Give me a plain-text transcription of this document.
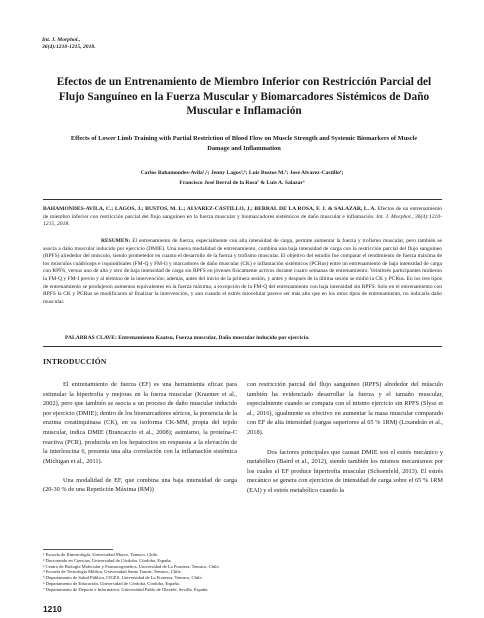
Int. J. Morphol.,
36(4):1210-1215, 2018.
Efectos de un Entrenamiento de Miembro Inferior con Restricción Parcial del Flujo Sanguíneo en la Fuerza Muscular y Biomarcadores Sistémicos de Daño Muscular e Inflamación
Effects of Lower Limb Training with Partial Restriction of Blood Flow on Muscle Strength and Systemic Biomarkers of Muscle Damage and Inflammation
Carlos Bahamondes-Avila¹,²; Jenny Lagos³,⁴; Luis Bustos M.⁵; José Alvarez-Castillo⁶;
Francisco José Berral de la Rosa⁷ & Luis A. Salazar³
BAHAMONDES-AVILA, C.; LAGOS, J.; BUSTOS, M. L.; ALVAREZ-CASTILLO, J.; BERRAL DE LA ROSA, F. J. & SALAZAR, L. A. Efectos de un entrenamiento de miembro inferior con restricción parcial del flujo sanguíneo en la fuerza muscular y biomarcadores sistémicos de daño muscular e inflamación. Int. J. Morphol., 36(4):1210-1215, 2018.
RESUMEN: El entrenamiento de fuerza, especialmente con alta intensidad de carga, permite aumentar la fuerza y trofismo muscular, pero también se asocia a daño muscular inducido por ejercicio (DMIE). Una nueva modalidad de entrenamiento, combina una baja intensidad de carga con la restricción parcial del flujo sanguíneo (RPFS) alrededor del músculo, siendo prometedor en cuanto el desarrollo de la fuerza y trofismo muscular. El objetivo del estudio fue comparar el rendimiento de fuerza máxima de los músculos cuádriceps e isquiotibiales (FM-Q y FM-I) y marcadores de daño muscular (CK) e inflamación sistémicos (PCRus) entre un entrenamiento de baja intensidad de carga con RPFS, versus uno de alta y otro de baja intensidad de carga sin RPFS en jóvenes físicamente activos durante cuatro semanas de entrenamiento. Veintitrés participantes midieron la FM-Q y FM-I previo y al término de la intervención; además, antes del inicio de la primera sesión, y antes y después de la última sesión se midió la CK y PCRus. En los tres tipos de entrenamiento se produjeron aumentos equivalentes en la fuerza máxima, a excepción de la FM-Q del entrenamiento con baja intensidad sin RPFS. Solo en el entrenamiento con RPFS la CK y PCRus se modificaron al finalizar la intervención, y aun cuando el estrés miocelular parece ser más alto que en los otros tipos de entrenamiento, no indicaría daño muscular.
PALABRAS CLAVE: Entrenamiento Kaatsu, Fuerza muscular, Daño muscular inducido por ejercicio.
INTRODUCCIÓN

El entrenamiento de fuerza (EF) es una herramienta eficaz para estimular la hipertrofia y mejoras en la fuerza muscular (Kraemer et al., 2002), pero que también se asocia a un proceso de daño muscular inducido por ejercicio (DMIE); dentro de los biomarcadores séricos, la presencia de la enzima creatinquinasa (CK), en su isoforma CK-MM, propia del tejido muscular, indica DMIE (Brancaccio et al., 2008); asimismo, la proteína-C reactiva (PCR), producida en los hepatocitos en respuesta a la elevación de la interleucina 6, presenta una alta correlación con la inflamación sistémica (Michigan et al., 2011).

Una modalidad de EF, que combina una baja intensidad de carga (20-30 % de una Repetición Máxima (RM))

con restricción parcial del flujo sanguíneo (RPFS) alrededor del músculo también ha evidenciado desarrollar la fuerza y el tamaño muscular, especialmente cuando se compara con el mismo ejercicio sin RPFS (Slysz et al., 2016), igualmente es efectivo en aumentar la masa muscular comparado con EF de alta intensidad (cargas superiores al 65 % 1RM) (Lixandrão et al., 2018).

Dos factores principales que causan DMIE son el estrés mecánico y metabólico (Baird et al., 2012), siendo también los mismos mecanismos por los cuales el EF produce hipertrofia muscular (Schoenfeld, 2013). El estrés mecánico se genera con ejercicios de intensidad de carga sobre el 65 % 1RM (EAI) y el estrés metabólico cuando la

¹ Escuela de Kinesiología, Universidad Mayor, Temuco, Chile.
² Doctorando en Ciencias, Universidad de Córdoba, Córdoba, España.
³ Centro de Biología Molecular y Farmacogenética, Universidad de La Frontera, Temuco, Chile.
⁴ Escuela de Tecnología Médica, Universidad Santo Tomás, Temuco, Chile.
⁵ Departamento de Salud Pública, CIGES, Universidad de La Frontera, Temuco, Chile.
⁶ Departamento de Educación, Universidad de Córdoba, Córdoba, España.
⁷ Departamento de Deporte e Informática. Universidad Pablo de Olavide, Sevilla, España.
1210
